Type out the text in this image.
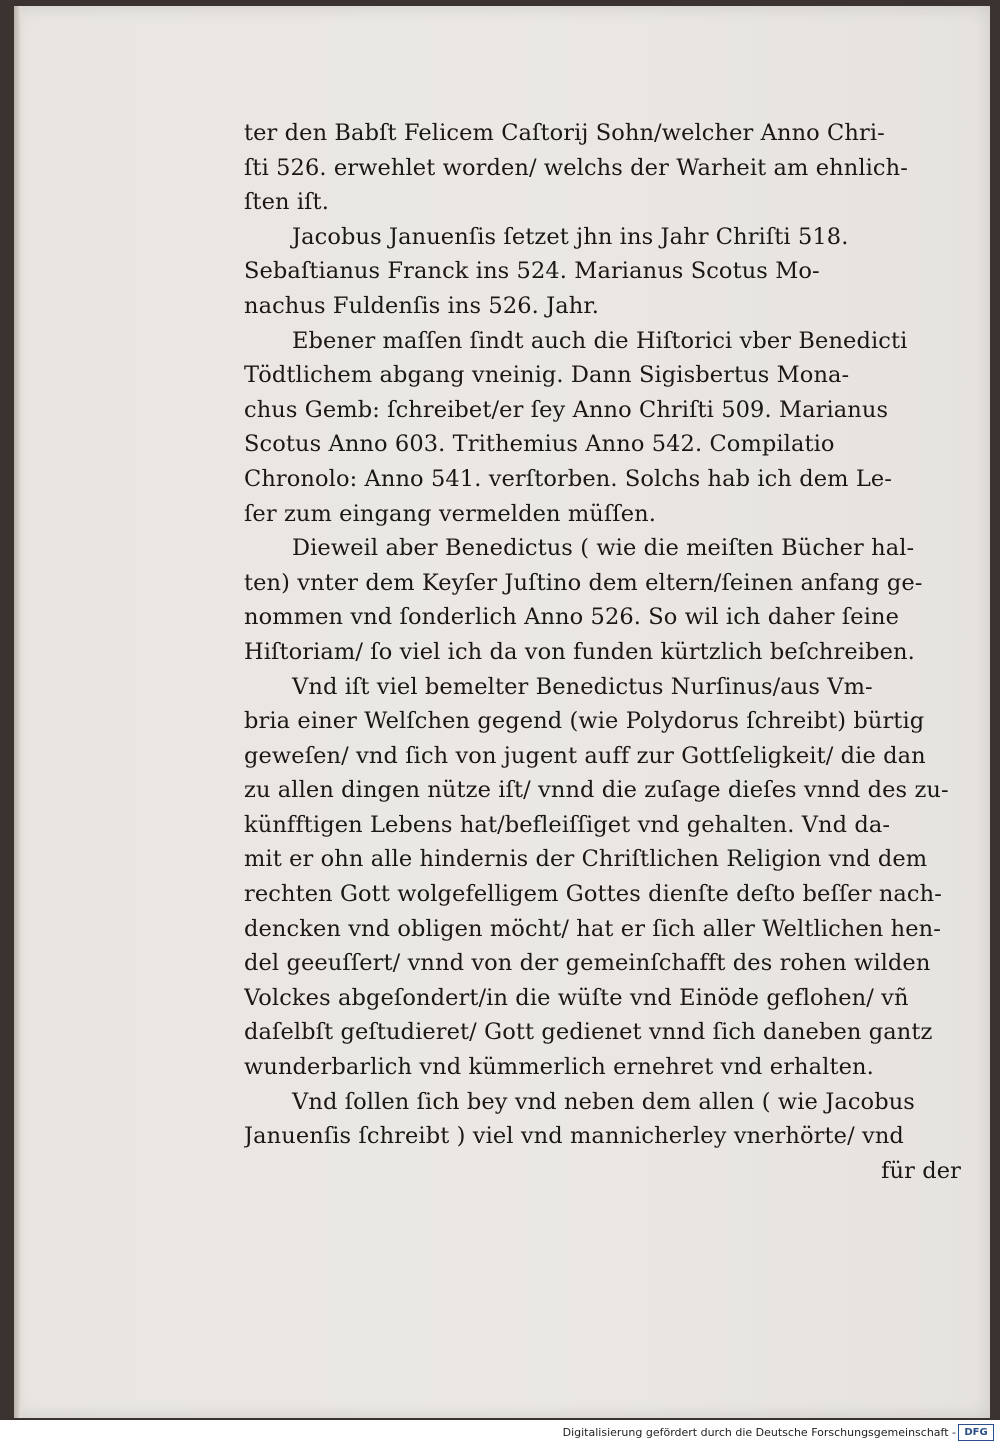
ter den Babſt Felicem Caſtorij Sohn/welcher Anno Chri-
ſti 526. erwehlet worden/ welchs der Warheit am ehnlich-
ſten iſt.
Jacobus Januenſis ſetzet jhn ins Jahr Chriſti 518.
Sebaſtianus Franck ins 524. Marianus Scotus Mo-
nachus Fuldenſis ins 526. Jahr.
Ebener maſſen ſindt auch die Hiſtorici vber Benedicti
Tödtlichem abgang vneinig. Dann Sigisbertus Mona-
chus Gemb: ſchreibet/er ſey Anno Chriſti 509. Marianus
Scotus Anno 603. Trithemius Anno 542. Compilatio
Chronolo: Anno 541. verſtorben. Solchs hab ich dem Le-
ſer zum eingang vermelden müſſen.
Dieweil aber Benedictus ( wie die meiſten Bücher hal-
ten) vnter dem Keyſer Juſtino dem eltern/ſeinen anfang ge-
nommen vnd ſonderlich Anno 526. So wil ich daher ſeine
Hiſtoriam/ ſo viel ich da von funden kürtzlich beſchreiben.
Vnd iſt viel bemelter Benedictus Nurſinus/aus Vm-
bria einer Welſchen gegend (wie Polydorus ſchreibt) bürtig
geweſen/ vnd ſich von jugent auff zur Gottſeligkeit/ die dan
zu allen dingen nütze iſt/ vnnd die zuſage dieſes vnnd des zu-
künfftigen Lebens hat/befleiſſiget vnd gehalten. Vnd da-
mit er ohn alle hindernis der Chriſtlichen Religion vnd dem
rechten Gott wolgefelligem Gottes dienſte deſto beſſer nach-
dencken vnd obligen möcht/ hat er ſich aller Weltlichen hen-
del geeuſſert/ vnnd von der gemeinſchafft des rohen wilden
Volckes abgeſondert/in die wüſte vnd Einöde geflohen/ vñ
daſelbſt geſtudieret/ Gott gedienet vnnd ſich daneben gantz
wunderbarlich vnd kümmerlich ernehret vnd erhalten.
Vnd ſollen ſich bey vnd neben dem allen ( wie Jacobus
Januenſis ſchreibt ) viel vnd mannicherley vnerhörte/ vnd
für der
Digitalisierung gefördert durch die Deutsche Forschungsgemeinschaft - DFG
